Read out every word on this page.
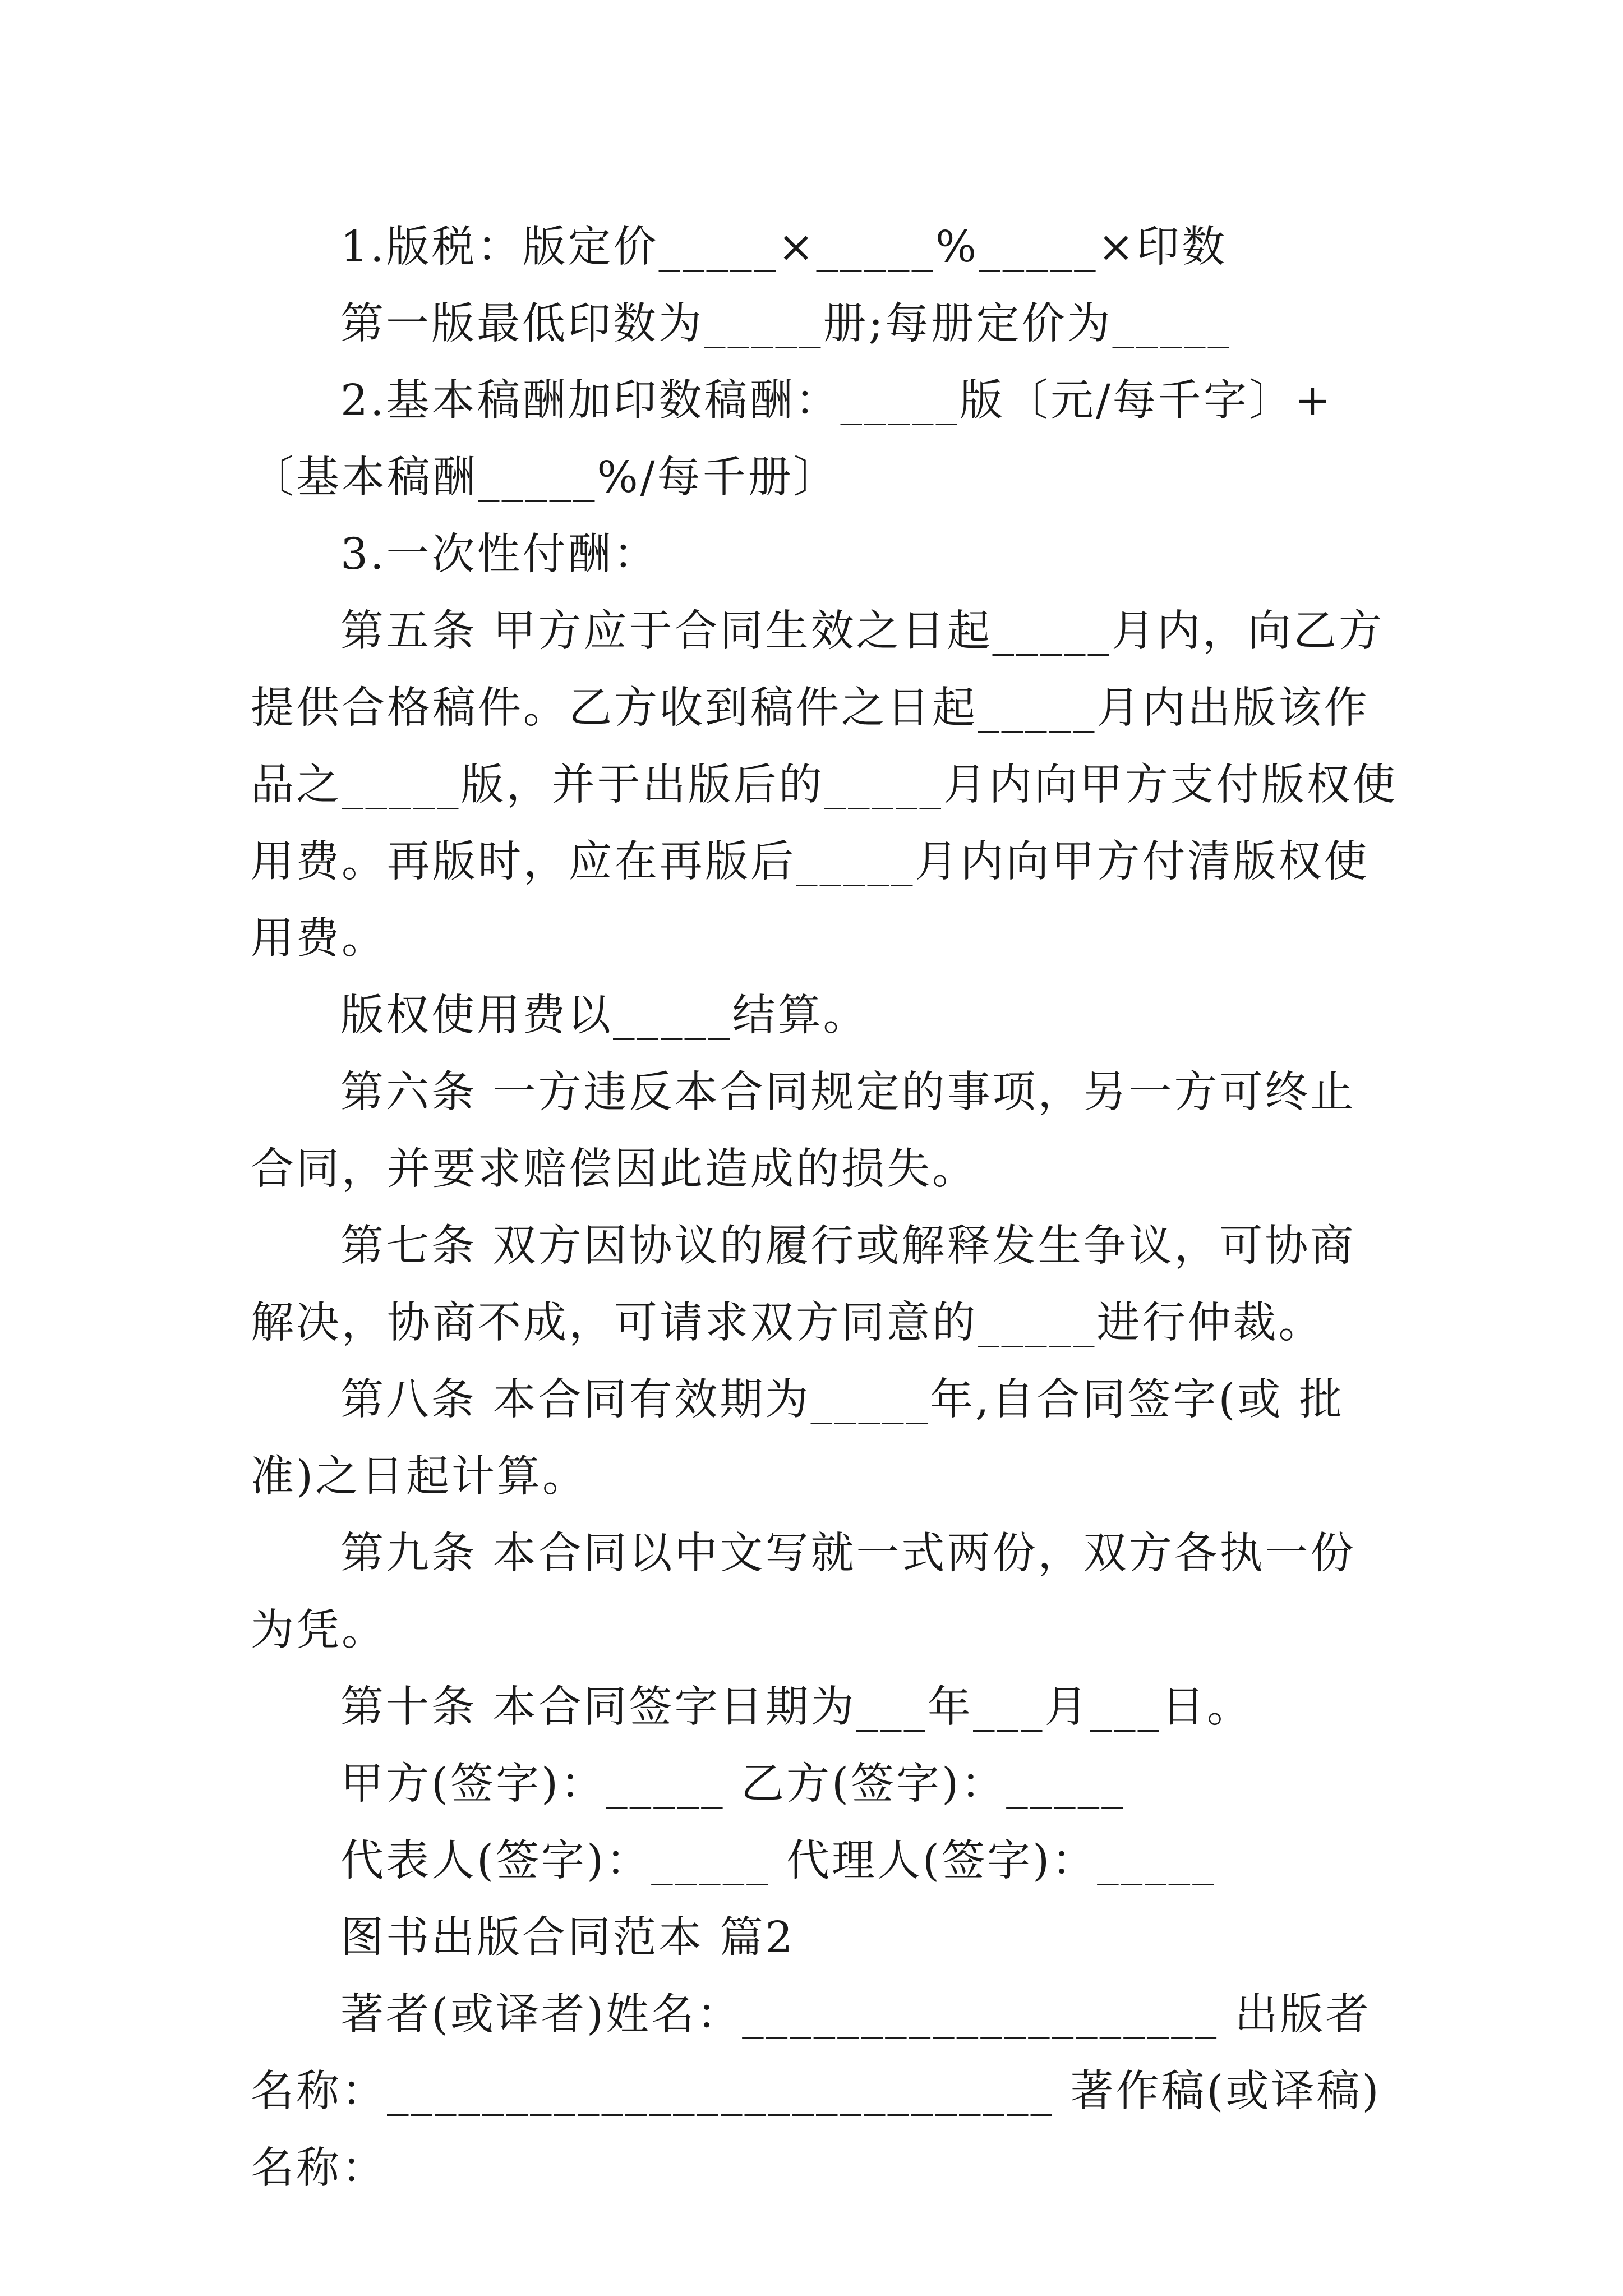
1.版税：版定价_____×_____%_____×印数

第一版最低印数为_____册;每册定价为_____

2.基本稿酬加印数稿酬：_____版〔元/每千字〕+〔基本稿酬_____%/每千册〕

3.一次性付酬：

第五条 甲方应于合同生效之日起_____月内，向乙方提供合格稿件。乙方收到稿件之日起_____月内出版该作品之_____版，并于出版后的_____月内向甲方支付版权使用费。再版时，应在再版后_____月内向甲方付清版权使用费。

版权使用费以_____结算。

第六条 一方违反本合同规定的事项，另一方可终止合同，并要求赔偿因此造成的损失。

第七条 双方因协议的履行或解释发生争议，可协商解决，协商不成，可请求双方同意的_____进行仲裁。

第八条 本合同有效期为_____年,自合同签字(或 批准)之日起计算。

第九条 本合同以中文写就一式两份，双方各执一份为凭。

第十条 本合同签字日期为___年___月___日。

甲方(签字)：_____ 乙方(签字)：_____

代表人(签字)：_____ 代理人(签字)：_____

图书出版合同范本 篇2

著者(或译者)姓名：____________________ 出版者名称：____________________________ 著作稿(或译稿)名称：
